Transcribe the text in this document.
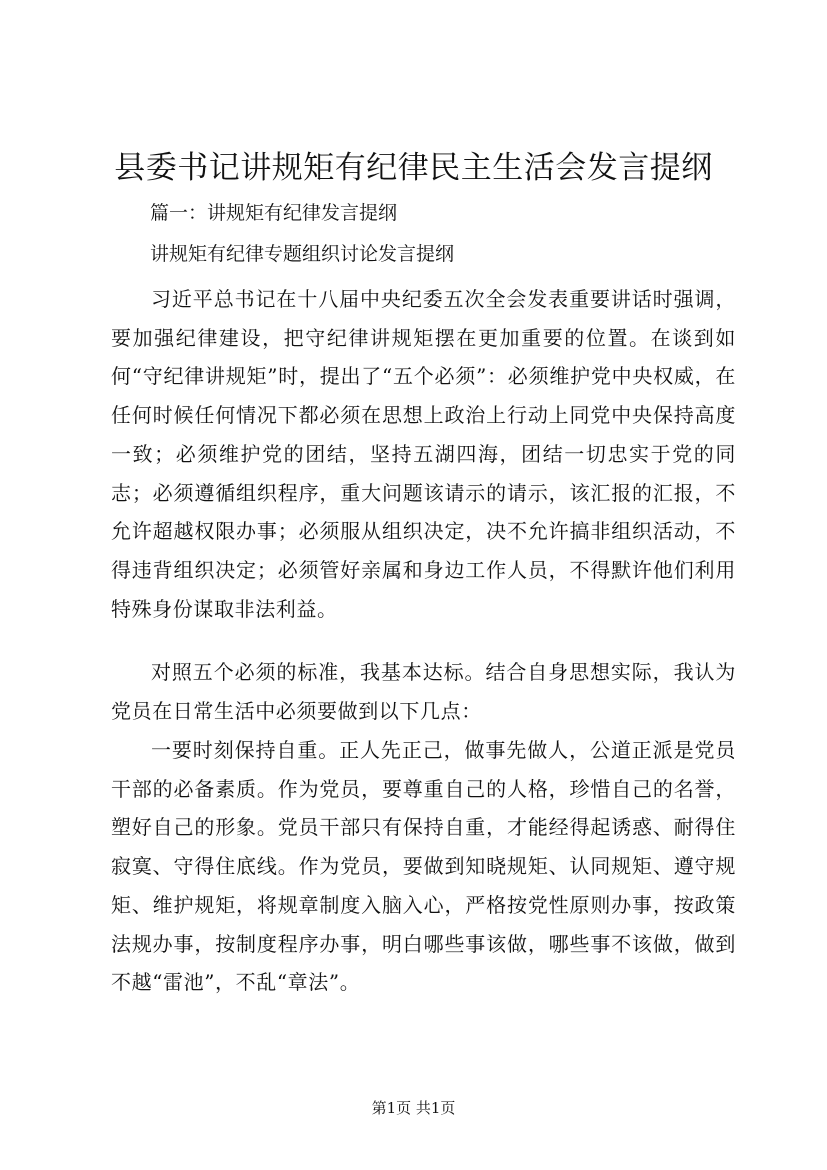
县委书记讲规矩有纪律民主生活会发言提纲

篇一：讲规矩有纪律发言提纲

讲规矩有纪律专题组织讨论发言提纲

习近平总书记在十八届中央纪委五次全会发表重要讲话时强调，要加强纪律建设，把守纪律讲规矩摆在更加重要的位置。在谈到如何“守纪律讲规矩”时，提出了“五个必须”：必须维护党中央权威，在任何时候任何情况下都必须在思想上政治上行动上同党中央保持高度一致；必须维护党的团结，坚持五湖四海，团结一切忠实于党的同志；必须遵循组织程序，重大问题该请示的请示，该汇报的汇报，不允许超越权限办事；必须服从组织决定，决不允许搞非组织活动，不得违背组织决定；必须管好亲属和身边工作人员，不得默许他们利用特殊身份谋取非法利益。

对照五个必须的标准，我基本达标。结合自身思想实际，我认为党员在日常生活中必须要做到以下几点：

一要时刻保持自重。正人先正己，做事先做人，公道正派是党员干部的必备素质。作为党员，要尊重自己的人格，珍惜自己的名誉，塑好自己的形象。党员干部只有保持自重，才能经得起诱惑、耐得住寂寞、守得住底线。作为党员，要做到知晓规矩、认同规矩、遵守规矩、维护规矩，将规章制度入脑入心，严格按党性原则办事，按政策法规办事，按制度程序办事，明白哪些事该做，哪些事不该做，做到不越“雷池”，不乱“章法”。

第1页 共1页
